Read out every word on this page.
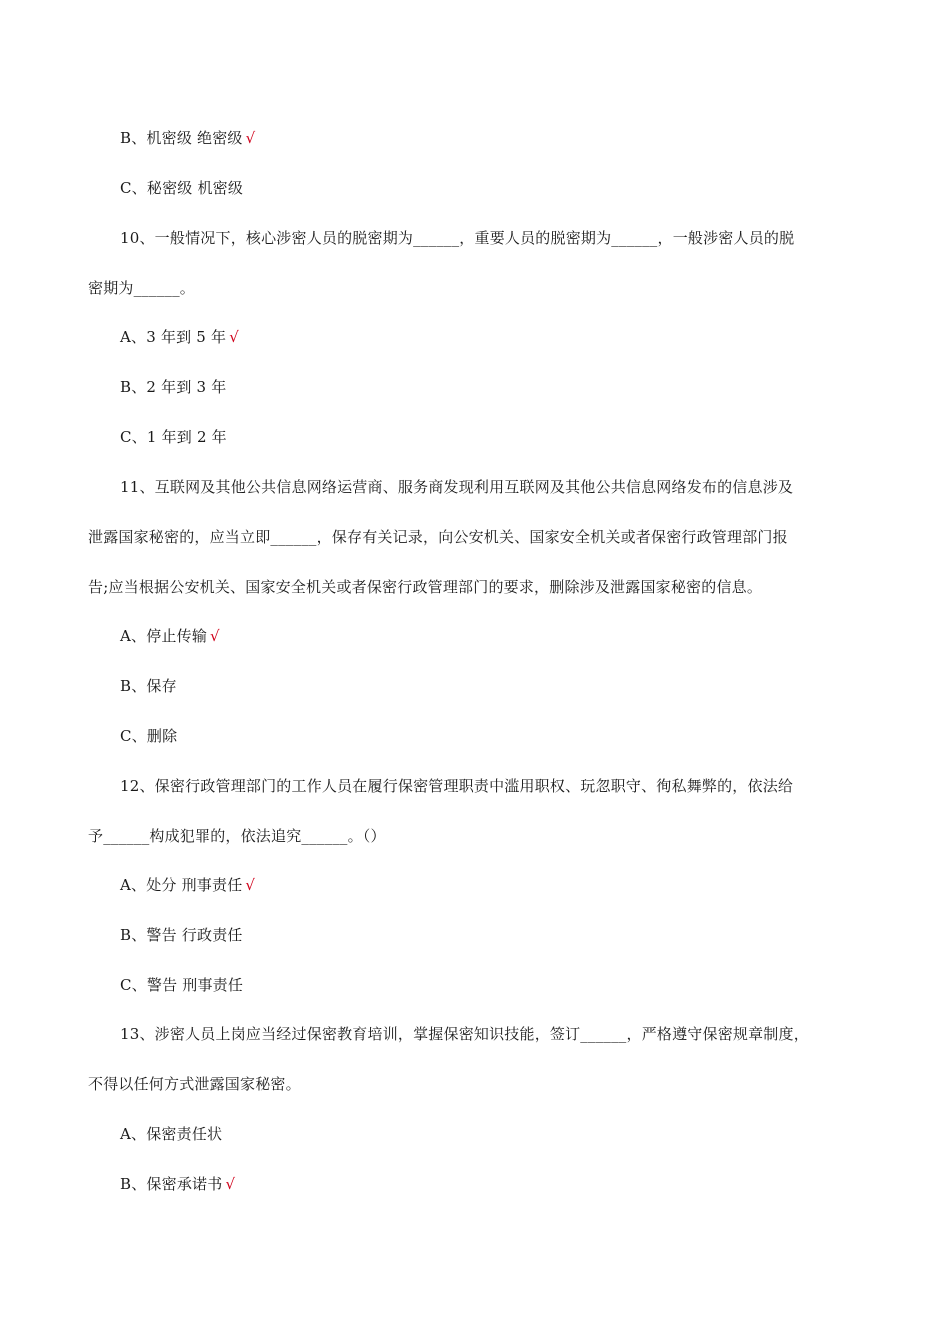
B、机密级 绝密级 √
C、秘密级 机密级
10、一般情况下，核心涉密人员的脱密期为______，重要人员的脱密期为______，一般涉密人员的脱
密期为______。
A、3 年到 5 年 √
B、2 年到 3 年
C、1 年到 2 年
11、互联网及其他公共信息网络运营商、服务商发现利用互联网及其他公共信息网络发布的信息涉及
泄露国家秘密的，应当立即______，保存有关记录，向公安机关、国家安全机关或者保密行政管理部门报
告;应当根据公安机关、国家安全机关或者保密行政管理部门的要求，删除涉及泄露国家秘密的信息。
A、停止传输 √
B、保存
C、删除
12、保密行政管理部门的工作人员在履行保密管理职责中滥用职权、玩忽职守、徇私舞弊的，依法给
予______构成犯罪的，依法追究______。（）
A、处分 刑事责任 √
B、警告 行政责任
C、警告 刑事责任
13、涉密人员上岗应当经过保密教育培训，掌握保密知识技能，签订______，严格遵守保密规章制度，
不得以任何方式泄露国家秘密。
A、保密责任状
B、保密承诺书 √
